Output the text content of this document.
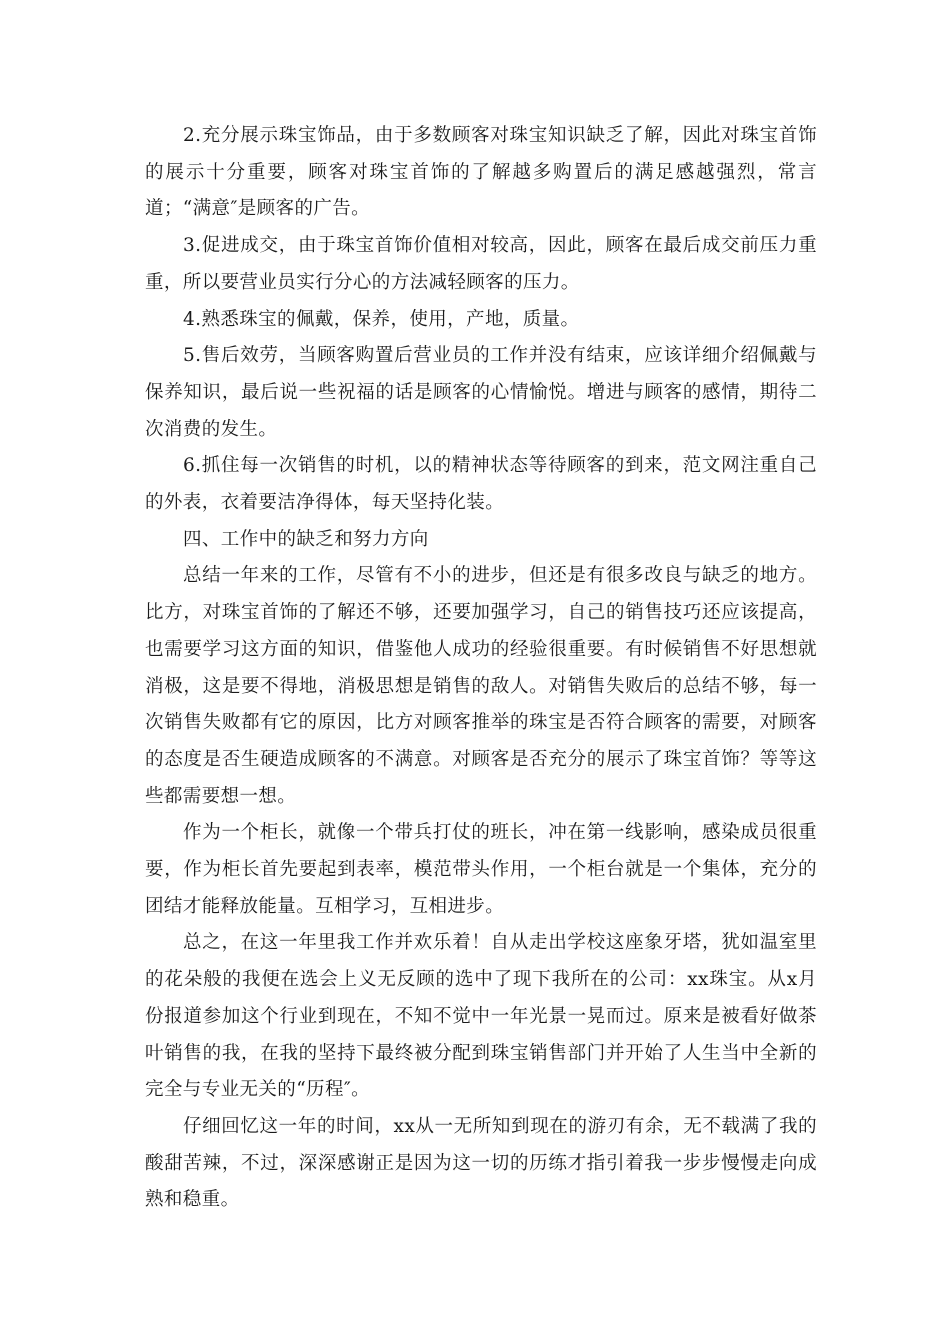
2.充分展示珠宝饰品，由于多数顾客对珠宝知识缺乏了解，因此对珠宝首饰的展示十分重要，顾客对珠宝首饰的了解越多购置后的满足感越强烈，常言道；“满意″是顾客的广告。

3.促进成交，由于珠宝首饰价值相对较高，因此，顾客在最后成交前压力重重，所以要营业员实行分心的方法减轻顾客的压力。

4.熟悉珠宝的佩戴，保养，使用，产地，质量。

5.售后效劳，当顾客购置后营业员的工作并没有结束，应该详细介绍佩戴与保养知识，最后说一些祝福的话是顾客的心情愉悦。增进与顾客的感情，期待二次消费的发生。

6.抓住每一次销售的时机，以的精神状态等待顾客的到来，范文网注重自己的外表，衣着要洁净得体，每天坚持化装。

四、工作中的缺乏和努力方向

总结一年来的工作，尽管有不小的进步，但还是有很多改良与缺乏的地方。比方，对珠宝首饰的了解还不够，还要加强学习，自己的销售技巧还应该提高，也需要学习这方面的知识，借鉴他人成功的经验很重要。有时候销售不好思想就消极，这是要不得地，消极思想是销售的敌人。对销售失败后的总结不够，每一次销售失败都有它的原因，比方对顾客推举的珠宝是否符合顾客的需要，对顾客的态度是否生硬造成顾客的不满意。对顾客是否充分的展示了珠宝首饰？等等这些都需要想一想。

作为一个柜长，就像一个带兵打仗的班长，冲在第一线影响，感染成员很重要，作为柜长首先要起到表率，模范带头作用，一个柜台就是一个集体，充分的团结才能释放能量。互相学习，互相进步。

总之，在这一年里我工作并欢乐着！自从走出学校这座象牙塔，犹如温室里的花朵般的我便在选会上义无反顾的选中了现下我所在的公司：xx珠宝。从x月份报道参加这个行业到现在，不知不觉中一年光景一晃而过。原来是被看好做茶叶销售的我，在我的坚持下最终被分配到珠宝销售部门并开始了人生当中全新的完全与专业无关的“历程″。

仔细回忆这一年的时间，xx从一无所知到现在的游刃有余，无不载满了我的酸甜苦辣，不过，深深感谢正是因为这一切的历练才指引着我一步步慢慢走向成熟和稳重。
